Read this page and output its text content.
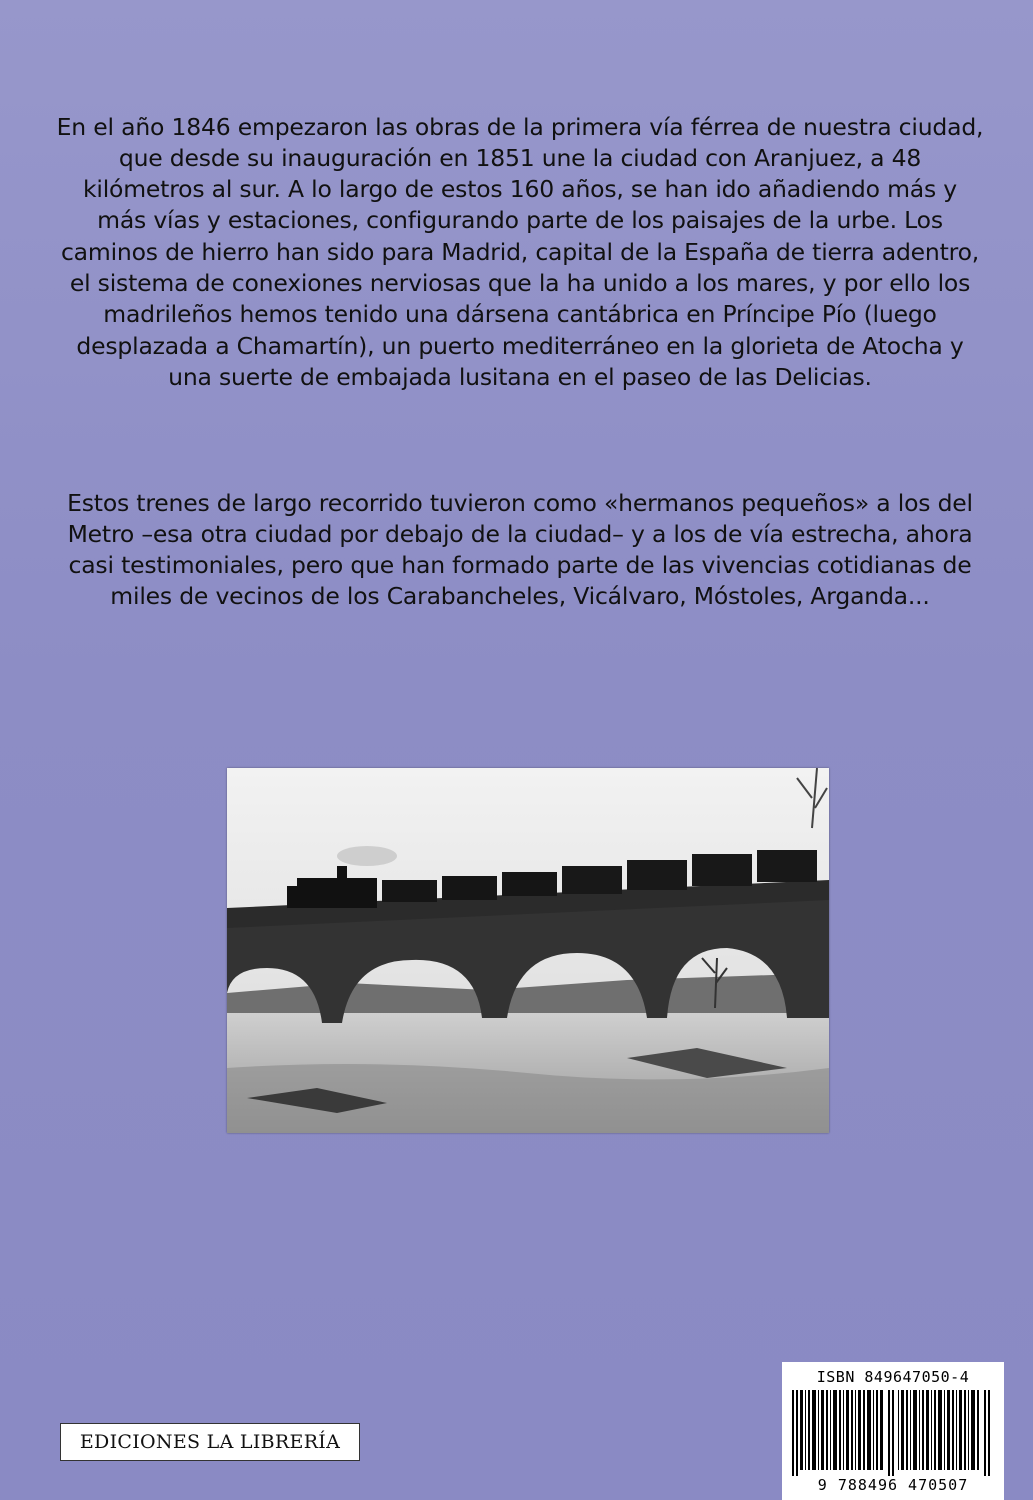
En el año 1846 empezaron las obras de la primera vía férrea de nuestra ciudad, que desde su inauguración en 1851 une la ciudad con Aranjuez, a 48 kilómetros al sur. A lo largo de estos 160 años, se han ido añadiendo más y más vías y estaciones, configurando parte de los paisajes de la urbe. Los caminos de hierro han sido para Madrid, capital de la España de tierra adentro, el sistema de conexiones nerviosas que la ha unido a los mares, y por ello los madrileños hemos tenido una dársena cantábrica en Príncipe Pío (luego desplazada a Chamartín), un puerto mediterráneo en la glorieta de Atocha y una suerte de embajada lusitana en el paseo de las Delicias.

Estos trenes de largo recorrido tuvieron como «hermanos pequeños» a los del Metro –esa otra ciudad por debajo de la ciudad– y a los de vía estrecha, ahora casi testimoniales, pero que han formado parte de las vivencias cotidianas de miles de vecinos de los Carabancheles, Vicálvaro, Móstoles, Arganda...

ISBN 849647050-4
9 788496 470507
EDICIONES LA LIBRERÍA
